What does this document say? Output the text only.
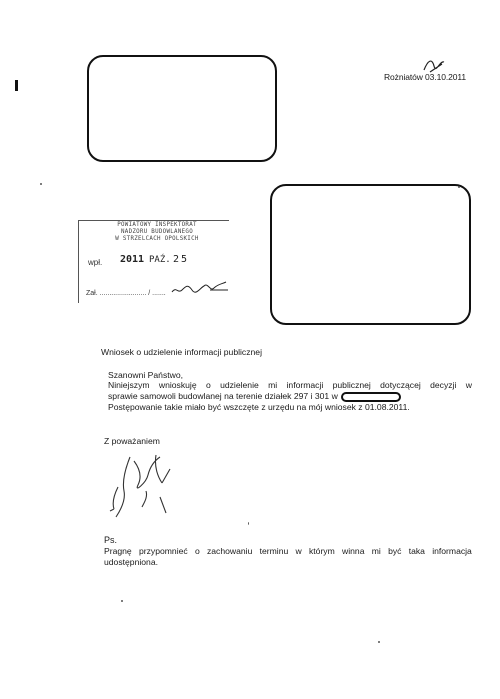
Rożniatów 03.10.2011
POWIATOWY INSPEKTORAT
NADZORU BUDOWLANEGO
W STRZELCACH OPOLSKICH
wpł. 2011 PAŹ. 25
Zał. ........................ / .......
Wniosek o udzielenie informacji publicznej
Szanowni Państwo,
Niniejszym wnioskuję o udzielenie mi informacji publicznej dotyczącej decyzji w
sprawie samowoli budowlanej na terenie działek 297 i 301 w
Postępowanie takie miało być wszczęte z urzędu na mój wniosek z 01.08.2011.
Z poważaniem
Ps.
Pragnę przypomnieć o zachowaniu terminu w którym winna mi być taka informacja
udostępniona.
